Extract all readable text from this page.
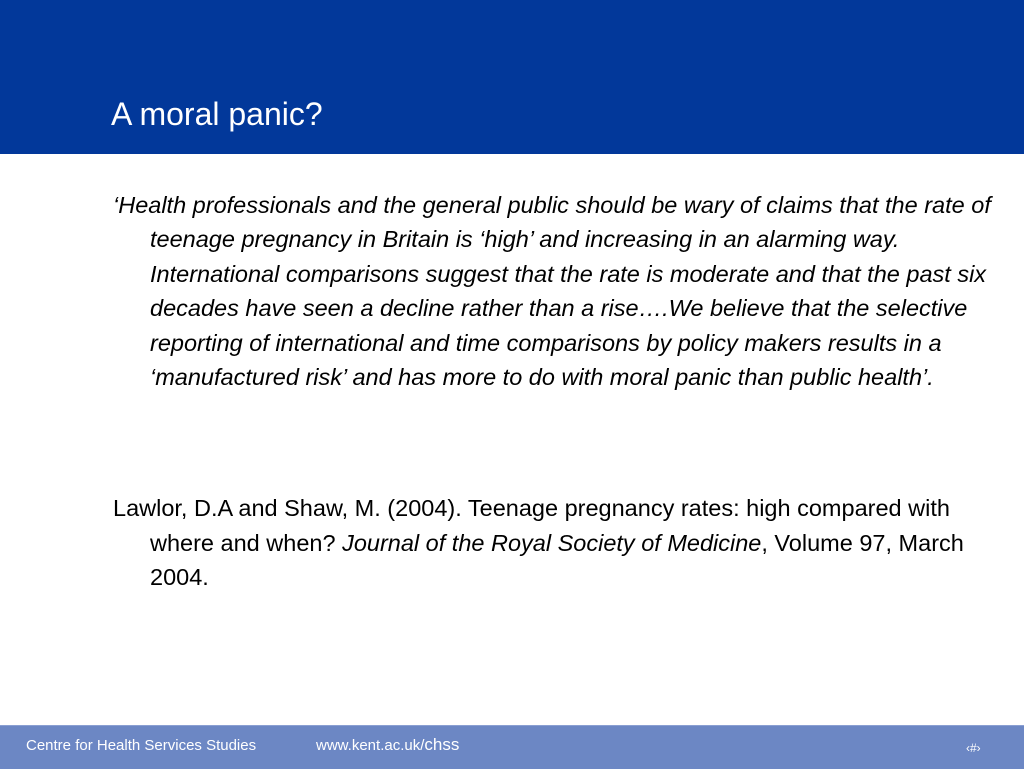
A moral panic?

‘Health professionals and the general public should be wary of claims that the rate of teenage pregnancy in Britain is ‘high’ and increasing in an alarming way. International comparisons suggest that the rate is moderate and that the past six decades have seen a decline rather than a rise….We believe that the selective reporting of international and time comparisons by policy makers results in a ‘manufactured risk’ and has more to do with moral panic than public health’.

Lawlor, D.A and Shaw, M. (2004). Teenage pregnancy rates: high compared with where and when? Journal of the Royal Society of Medicine, Volume 97, March 2004.

Centre for Health Services Studies	www.kent.ac.uk/chss	‹#›
